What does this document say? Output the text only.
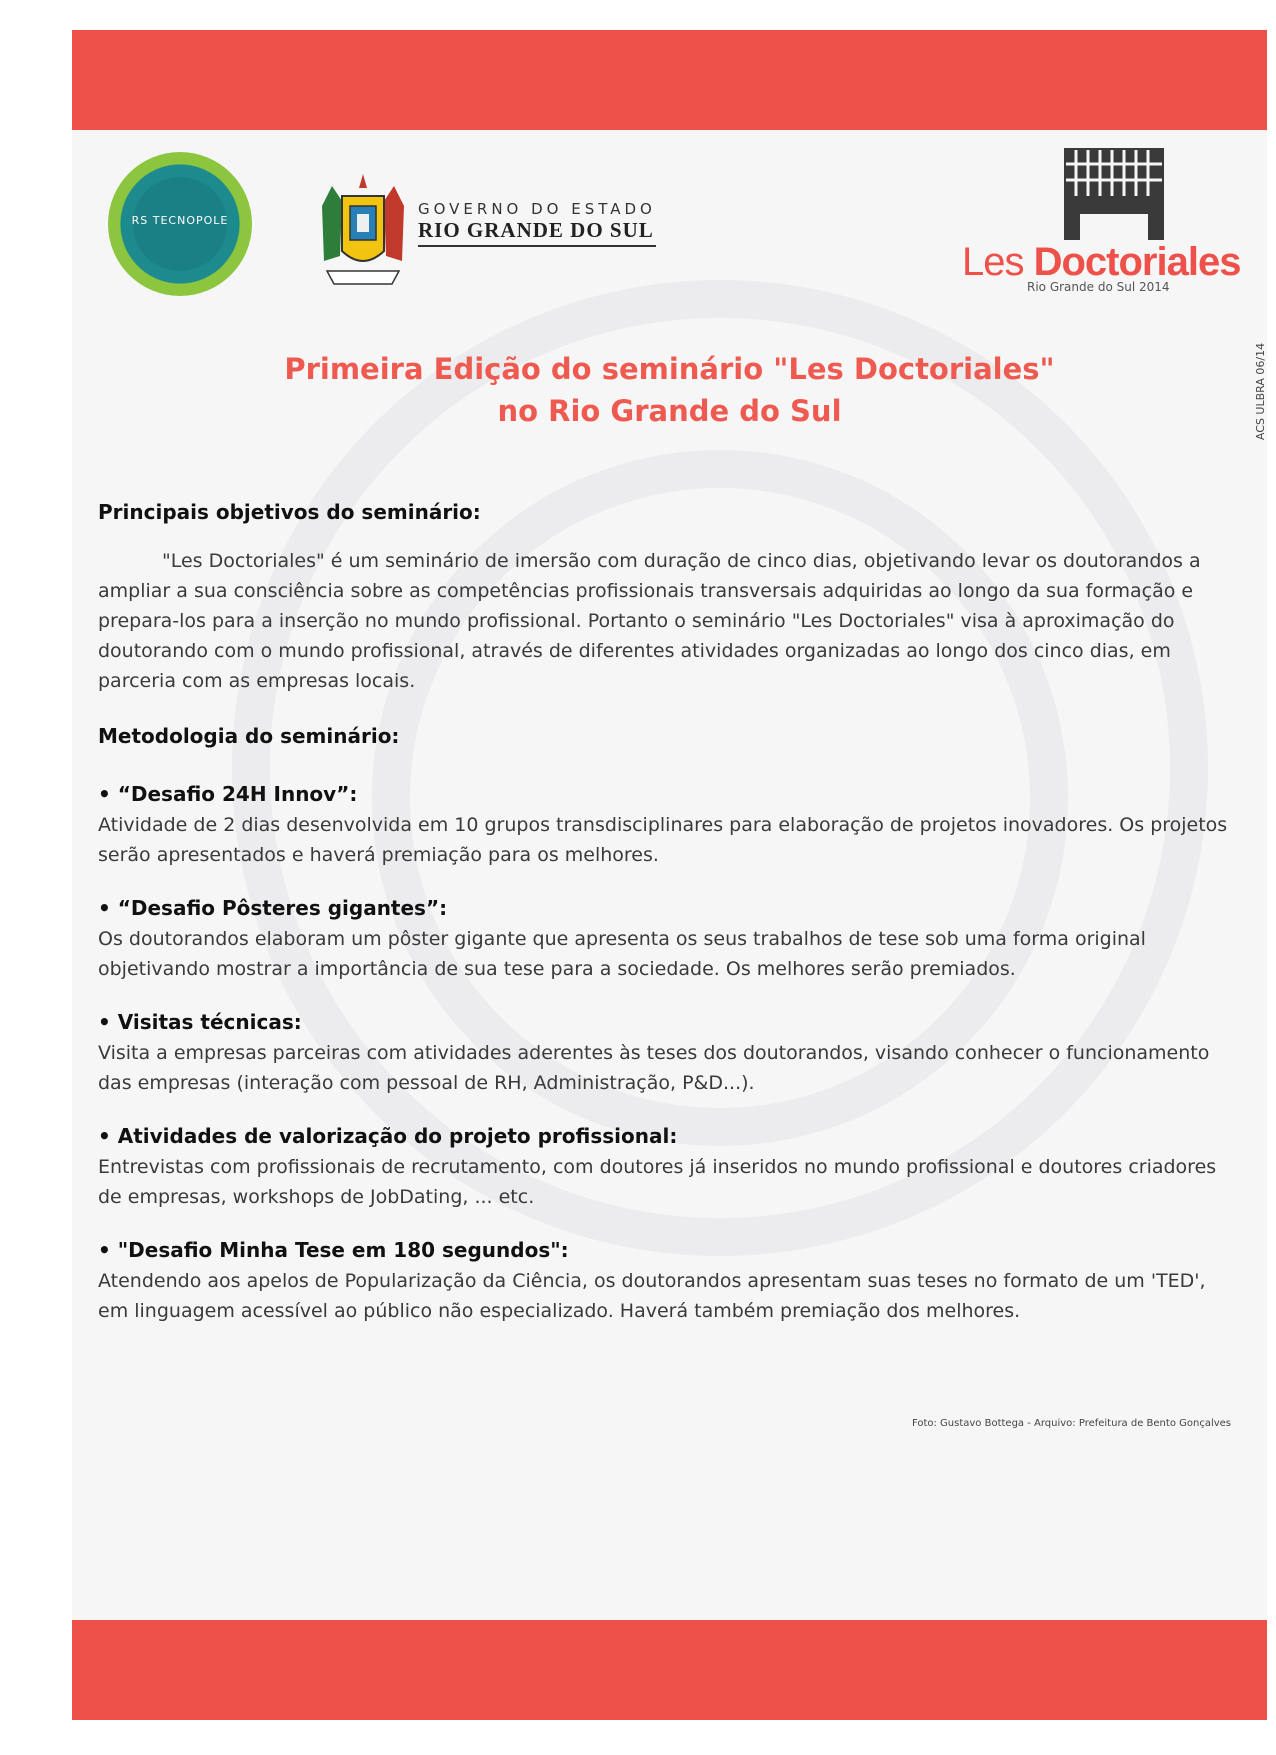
RS TECNOPOLE
GOVERNO DO ESTADO
RIO GRANDE DO SUL
Les Doctoriales
Rio Grande do Sul 2014
ACS ULBRA 06/14
Primeira Edição do seminário "Les Doctoriales"
no Rio Grande do Sul

Principais objetivos do seminário:

"Les Doctoriales" é um seminário de imersão com duração de cinco dias, objetivando levar os doutorandos a ampliar a sua consciência sobre as competências profissionais transversais adquiridas ao longo da sua formação e prepara-los para a inserção no mundo profissional. Portanto o seminário "Les Doctoriales" visa à aproximação do doutorando com o mundo profissional, através de diferentes atividades organizadas ao longo dos cinco dias, em parceria com as empresas locais.

Metodologia do seminário:

• “Desafio 24H Innov”:

Atividade de 2 dias desenvolvida em 10 grupos transdisciplinares para elaboração de projetos inovadores. Os projetos serão apresentados e haverá premiação para os melhores.

• “Desafio Pôsteres gigantes”:

Os doutorandos elaboram um pôster gigante que apresenta os seus trabalhos de tese sob uma forma original objetivando mostrar a importância de sua tese para a sociedade. Os melhores serão premiados.

• Visitas técnicas:

Visita a empresas parceiras com atividades aderentes às teses dos doutorandos, visando conhecer o funcionamento das empresas (interação com pessoal de RH, Administração, P&D...).

• Atividades de valorização do projeto profissional:

Entrevistas com profissionais de recrutamento, com doutores já inseridos no mundo profissional e doutores criadores de empresas, workshops de JobDating, ... etc.

• "Desafio Minha Tese em 180 segundos":

Atendendo aos apelos de Popularização da Ciência, os doutorandos apresentam suas teses no formato de um 'TED', em linguagem acessível ao público não especializado. Haverá também premiação dos melhores.

Foto: Gustavo Bottega - Arquivo: Prefeitura de Bento Gonçalves
